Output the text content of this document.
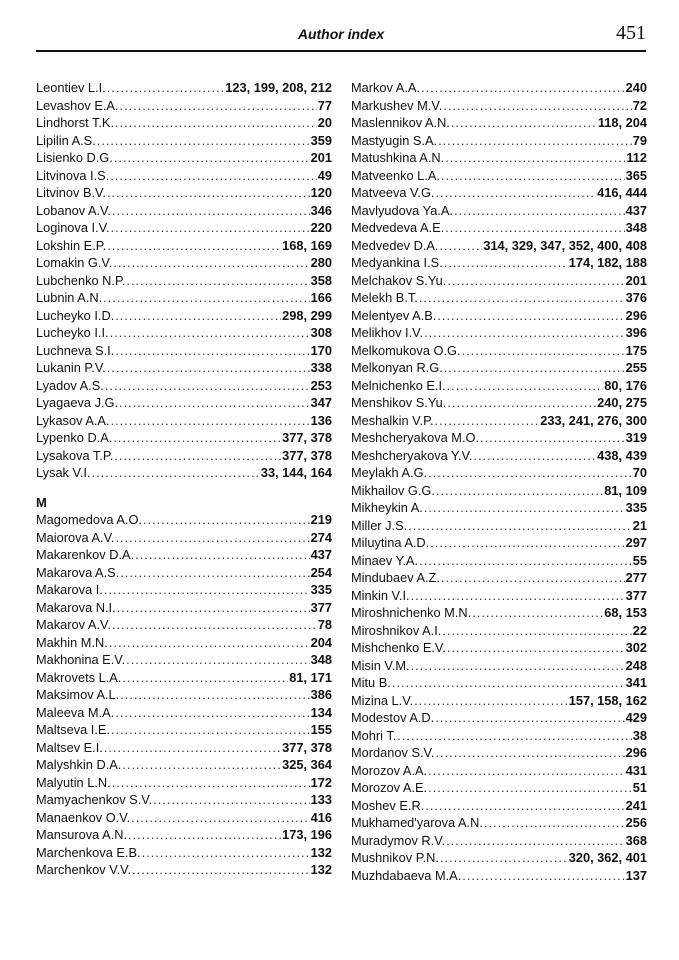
Author index	451
Leontiev L.I. .....	123, 199, 208, 212
Levashov E.A. .....	77
Lindhorst T.K. .....	20
Lipilin A.S. .....	359
Lisienko D.G. .....	201
Litvinova I.S. .....	49
Litvinov B.V. .....	120
Lobanov A.V. .....	346
Loginova I.V. .....	220
Lokshin E.P. .....	168, 169
Lomakin G.V. .....	280
Lubchenko N.P. .....	358
Lubnin A.N. .....	166
Lucheyko I.D. .....	298, 299
Lucheyko I.I. .....	308
Luchneva S.I. .....	170
Lukanin P.V. .....	338
Lyadov A.S. .....	253
Lyagaeva J.G. .....	347
Lykasov A.A. .....	136
Lypenko D.A. .....	377, 378
Lysakova T.P. .....	377, 378
Lysak V.I. .....	33, 144, 164
M
Magomedova A.O. .....	219
Maiorova A.V. .....	274
Makarenkov D.A. .....	437
Makarova A.S. .....	254
Makarova I. .....	335
Makarova N.I. .....	377
Makarov A.V. .....	78
Makhin M.N. .....	204
Makhonina E.V. .....	348
Makrovets L.A. .....	81, 171
Maksimov A.L. .....	386
Maleeva M.A. .....	134
Maltseva I.E. .....	155
Maltsev E.I. .....	377, 378
Malyshkin D.A. .....	325, 364
Malyutin L.N. .....	172
Mamyachenkov S.V. .....	133
Manaenkov O.V. .....	416
Mansurova A.N. .....	173, 196
Marchenkova E.B. .....	132
Marchenkov V.V. .....	132
Markov A.A. .....	240
Markushev M.V. .....	72
Maslennikov A.N. .....	118, 204
Mastyugin S.A. .....	79
Matushkina A.N. .....	112
Matveenko L.A. .....	365
Matveeva V.G. .....	416, 444
Mavlyudova Ya.A. .....	437
Medvedeva A.E. .....	348
Medvedev D.A. .....	314, 329, 347, 352, 400, 408
Medyankina I.S. .....	174, 182, 188
Melchakov S.Yu. .....	201
Melekh B.T. .....	376
Melentyev A.B. .....	296
Melikhov I.V. .....	396
Melkomukova O.G. .....	175
Melkonyan R.G. .....	255
Melnichenko E.I. .....	80, 176
Menshikov S.Yu. .....	240, 275
Meshalkin V.P. .....	233, 241, 276, 300
Meshcheryakova M.O. .....	319
Meshcheryakova Y.V. .....	438, 439
Meylakh A.G. .....	70
Mikhailov G.G. .....	81, 109
Mikheykin A. .....	335
Miller J.S. .....	21
Miluytina A.D. .....	297
Minaev Y.A. .....	55
Mindubaev A.Z. .....	277
Minkin V.I. .....	377
Miroshnichenko M.N. .....	68, 153
Miroshnikov A.I. .....	22
Mishchenko E.V. .....	302
Misin V.M. .....	248
Mitu B. .....	341
Mizina L.V. .....	157, 158, 162
Modestov A.D. .....	429
Mohri T. .....	38
Mordanov S.V. .....	296
Morozov A.A. .....	431
Morozov A.E. .....	51
Moshev E.R. .....	241
Mukhamed'yarova A.N. .....	256
Muradymov R.V. .....	368
Mushnikov P.N. .....	320, 362, 401
Muzhdabaeva M.A. .....	137
